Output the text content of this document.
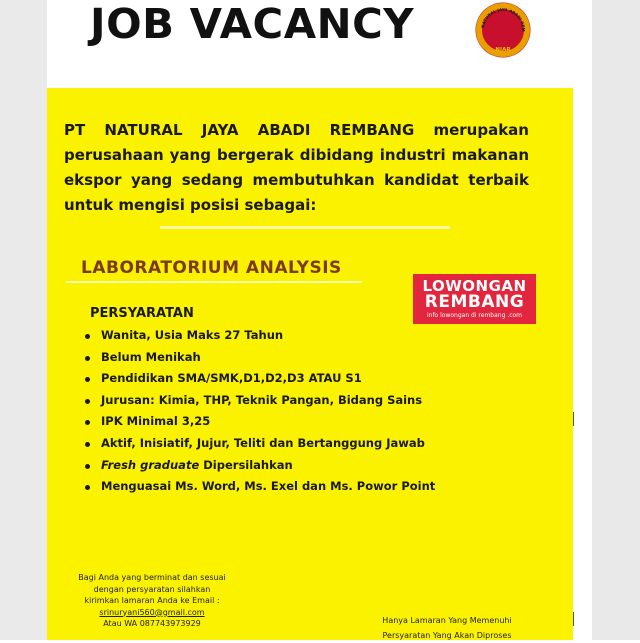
JOB VACANCY	NATURAL JAYA ABADI REM
NJAR
PT NATURAL JAYA ABADI REMBANG merupakan perusahaan yang bergerak dibidang industri makanan ekspor yang sedang membutuhkan kandidat terbaik untuk mengisi posisi sebagai:
LABORATORIUM ANALYSIS
LOWONGAN
REMBANG
info lowongan di rembang .com
PERSYARATAN
Wanita, Usia Maks 27 Tahun
Belum Menikah
Pendidikan SMA/SMK,D1,D2,D3 ATAU S1
Jurusan: Kimia, THP, Teknik Pangan, Bidang Sains
IPK Minimal 3,25
Aktif, Inisiatif, Jujur, Teliti dan Bertanggung Jawab
Fresh graduate Dipersilahkan
Menguasai Ms. Word, Ms. Exel dan Ms. Powor Point
Bagi Anda yang berminat dan sesuai
dengan persyaratan silahkan
kirimkan lamaran Anda ke Email :
srinuryani560@gmail.com
Atau WA 087743973929	Hanya Lamaran Yang Memenuhi
Persyaratan Yang Akan Diproses
